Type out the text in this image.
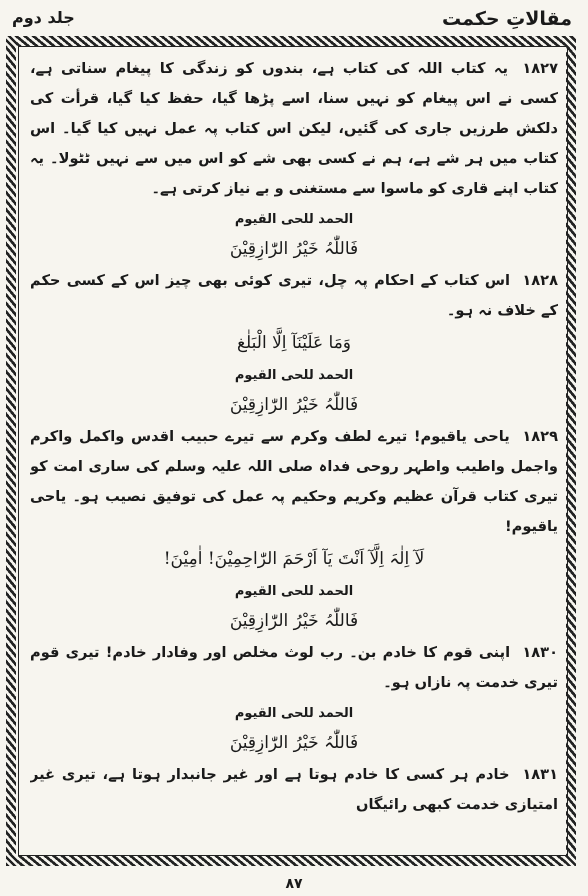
مقالاتِ حکمت
جلد دوم

۱۸۲۷ یہ کتاب اللہ کی کتاب ہے، بندوں کو زندگی کا پیغام سناتی ہے، کسی نے اس پیغام کو نہیں سنا، اسے پڑھا گیا، حفظ کیا گیا، قرأت کی دلکش طرزیں جاری کی گئیں، لیکن اس کتاب پہ عمل نہیں کیا گیا۔ اس کتاب میں ہر شے ہے، ہم نے کسی بھی شے کو اس میں سے نہیں ٹٹولا۔ یہ کتاب اپنے قاری کو ماسوا سے مستغنی و بے نیاز کرتی ہے۔

الحمد للحی القیوم
فَاللّٰہُ خَیْرُ الرّٰازِقِیْنَ

۱۸۲۸ اس کتاب کے احکام پہ چل، تیری کوئی بھی چیز اس کے کسی حکم کے خلاف نہ ہو۔

وَمَا عَلَیْنَآ اِلَّا الْبَلٰغ
الحمد للحی القیوم
فَاللّٰہُ خَیْرُ الرّٰازِقِیْنَ

۱۸۲۹ یاحی یاقیوم! تیرے لطف وکرم سے تیرے حبیب اقدس واکمل واکرم واجمل واطیب واطہر روحی فداہ صلی اللہ علیہ وسلم کی ساری امت کو تیری کتاب قرآن عظیم وکریم وحکیم پہ عمل کی توفیق نصیب ہو۔ یاحی یاقیوم!

لَآ اِلٰہَ اِلَّآ اَنْتَ یَآ اَرْحَمَ الرّٰاحِمِیْنَ! اٰمِیْنَ!
الحمد للحی القیوم
فَاللّٰہُ خَیْرُ الرّٰازِقِیْنَ

۱۸۳۰ اپنی قوم کا خادم بن۔ رب لوث مخلص اور وفادار خادم! تیری قوم تیری خدمت پہ نازاں ہو۔

الحمد للحی القیوم
فَاللّٰہُ خَیْرُ الرّٰازِقِیْنَ

۱۸۳۱ خادم ہر کسی کا خادم ہوتا ہے اور غیر جانبدار ہوتا ہے، تیری غیر امتیازی خدمت کبھی رائیگاں

۸۷
